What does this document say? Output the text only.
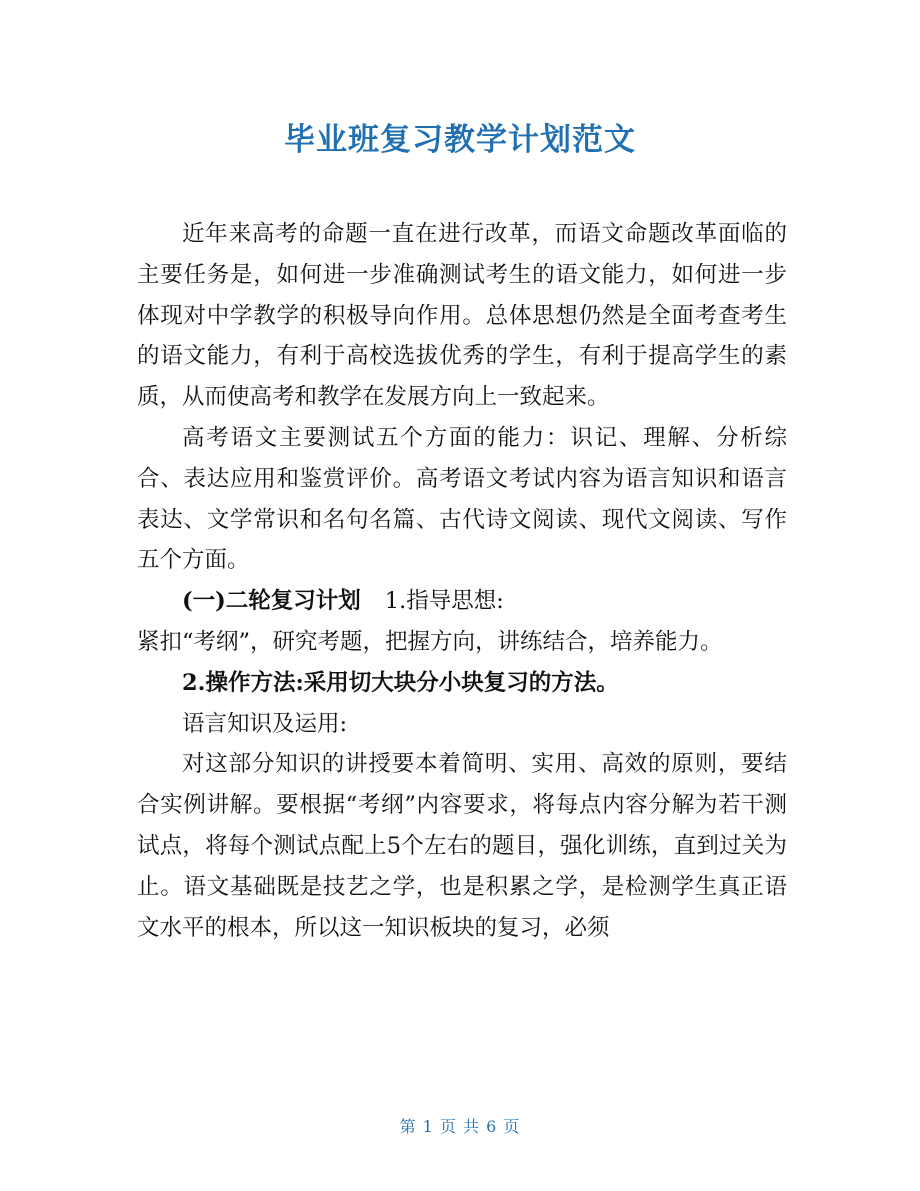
毕业班复习教学计划范文

近年来高考的命题一直在进行改革，而语文命题改革面临的主要任务是，如何进一步准确测试考生的语文能力，如何进一步体现对中学教学的积极导向作用。总体思想仍然是全面考查考生的语文能力，有利于高校选拔优秀的学生，有利于提高学生的素质，从而使高考和教学在发展方向上一致起来。

高考语文主要测试五个方面的能力：识记、理解、分析综合、表达应用和鉴赏评价。高考语文考试内容为语言知识和语言表达、文学常识和名句名篇、古代诗文阅读、现代文阅读、写作五个方面。

(一)二轮复习计划 1.指导思想:

紧扣“考纲”，研究考题，把握方向，讲练结合，培养能力。

2.操作方法:采用切大块分小块复习的方法。

语言知识及运用:

对这部分知识的讲授要本着简明、实用、高效的原则，要结合实例讲解。要根据“考纲”内容要求，将每点内容分解为若干测试点，将每个测试点配上5个左右的题目，强化训练，直到过关为止。语文基础既是技艺之学，也是积累之学，是检测学生真正语文水平的根本，所以这一知识板块的复习，必须

第 1 页 共 6 页
